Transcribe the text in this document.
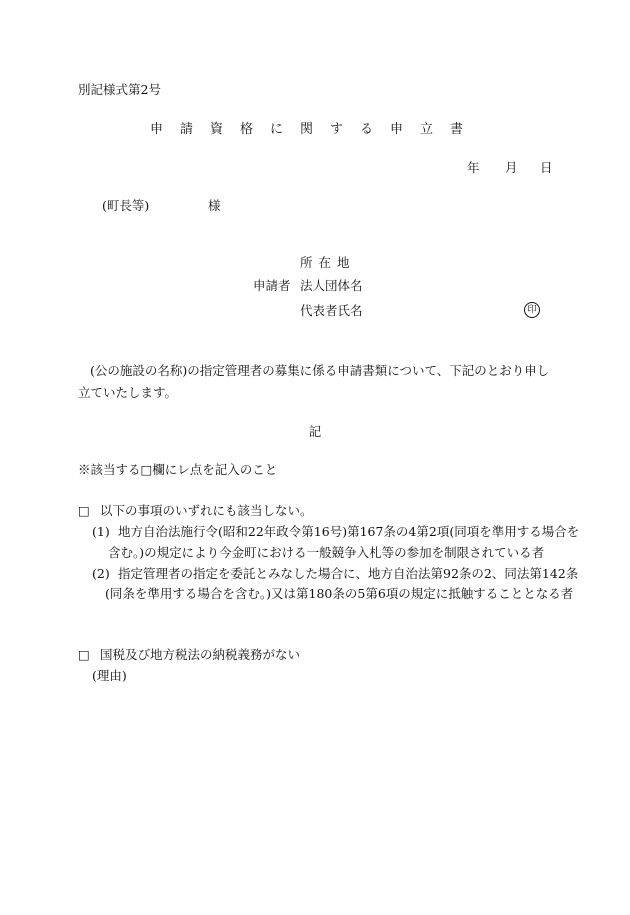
別記様式第2号
申請資格に関する申立書
年 月 日
(町長等)	様
所在地
申請者 法人団体名
代表者氏名	印
(公の施設の名称)の指定管理者の募集に係る申請書類について、下記のとおり申し立ていたします。
記
※該当する□欄にレ点を記入のこと
□ 以下の事項のいずれにも該当しない。
(1) 地方自治法施行令(昭和22年政令第16号)第167条の4第2項(同項を準用する場合を
含む。)の規定により今金町における一般競争入札等の参加を制限されている者
(2) 指定管理者の指定を委託とみなした場合に、地方自治法第92条の2、同法第142条
(同条を準用する場合を含む。)又は第180条の5第6項の規定に抵触することとなる者
□ 国税及び地方税法の納税義務がない
(理由)
